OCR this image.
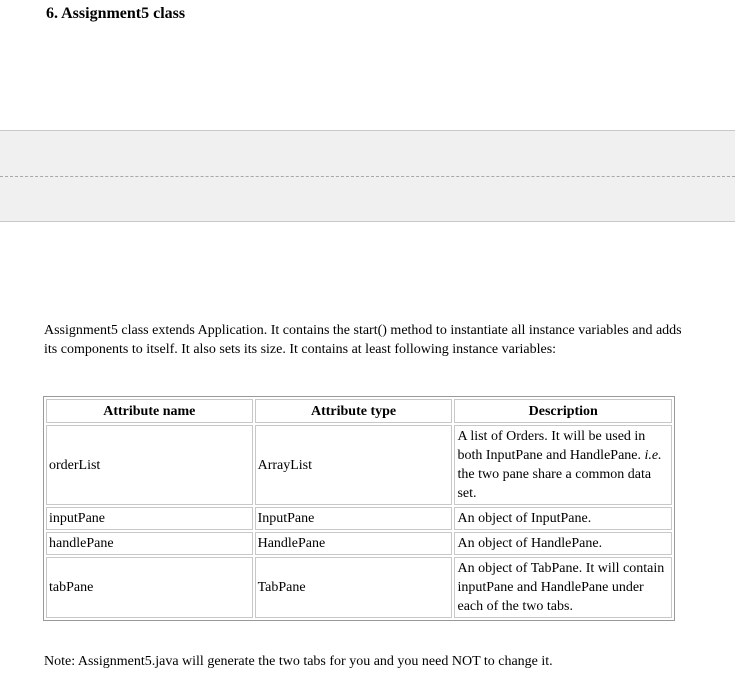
6. Assignment5 class

Assignment5 class extends Application. It contains the start() method to instantiate all instance variables and adds its components to itself. It also sets its size. It contains at least following instance variables:

Attribute name	Attribute type	Description
orderList	ArrayList	A list of Orders. It will be used in both InputPane and HandlePane. i.e. the two pane share a common data set.
inputPane	InputPane	An object of InputPane.
handlePane	HandlePane	An object of HandlePane.
tabPane	TabPane	An object of TabPane. It will contain inputPane and HandlePane under each of the two tabs.

Note: Assignment5.java will generate the two tabs for you and you need NOT to change it.
